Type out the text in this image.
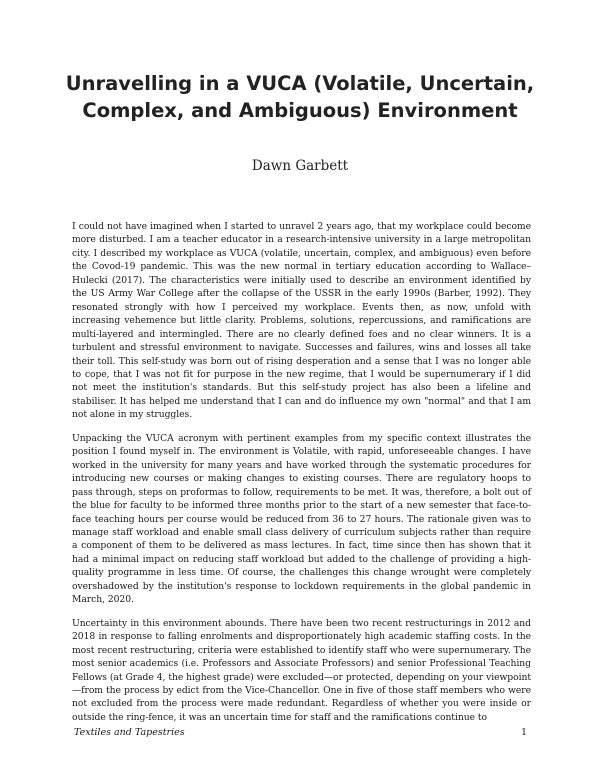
Unravelling in a VUCA (Volatile, Uncertain, Complex, and Ambiguous) Environment
Dawn Garbett

I could not have imagined when I started to unravel 2 years ago, that my workplace could become more disturbed. I am a teacher educator in a research-intensive university in a large metropolitan city. I described my workplace as VUCA (volatile, uncertain, complex, and ambiguous) even before the Covod-19 pandemic. This was the new normal in tertiary education according to Wallace–Hulecki (2017). The characteristics were initially used to describe an environment identified by the US Army War College after the collapse of the USSR in the early 1990s (Barber, 1992). They resonated strongly with how I perceived my workplace. Events then, as now, unfold with increasing vehemence but little clarity. Problems, solutions, repercussions, and ramifications are multi-layered and intermingled. There are no clearly defined foes and no clear winners. It is a turbulent and stressful environment to navigate. Successes and failures, wins and losses all take their toll. This self-study was born out of rising desperation and a sense that I was no longer able to cope, that I was not fit for purpose in the new regime, that I would be supernumerary if I did not meet the institution's standards. But this self-study project has also been a lifeline and stabiliser. It has helped me understand that I can and do influence my own "normal" and that I am not alone in my struggles.

Unpacking the VUCA acronym with pertinent examples from my specific context illustrates the position I found myself in. The environment is Volatile, with rapid, unforeseeable changes. I have worked in the university for many years and have worked through the systematic procedures for introducing new courses or making changes to existing courses. There are regulatory hoops to pass through, steps on proformas to follow, requirements to be met. It was, therefore, a bolt out of the blue for faculty to be informed three months prior to the start of a new semester that face-to-face teaching hours per course would be reduced from 36 to 27 hours. The rationale given was to manage staff workload and enable small class delivery of curriculum subjects rather than require a component of them to be delivered as mass lectures. In fact, time since then has shown that it had a minimal impact on reducing staff workload but added to the challenge of providing a high-quality programme in less time. Of course, the challenges this change wrought were completely overshadowed by the institution's response to lockdown requirements in the global pandemic in March, 2020.

Uncertainty in this environment abounds. There have been two recent restructurings in 2012 and 2018 in response to falling enrolments and disproportionately high academic staffing costs. In the most recent restructuring, criteria were established to identify staff who were supernumerary. The most senior academics (i.e. Professors and Associate Professors) and senior Professional Teaching Fellows (at Grade 4, the highest grade) were excluded—or protected, depending on your viewpoint—from the process by edict from the Vice-Chancellor. One in five of those staff members who were not excluded from the process were made redundant. Regardless of whether you were inside or outside the ring-fence, it was an uncertain time for staff and the ramifications continue to

Textiles and Tapestries	1
